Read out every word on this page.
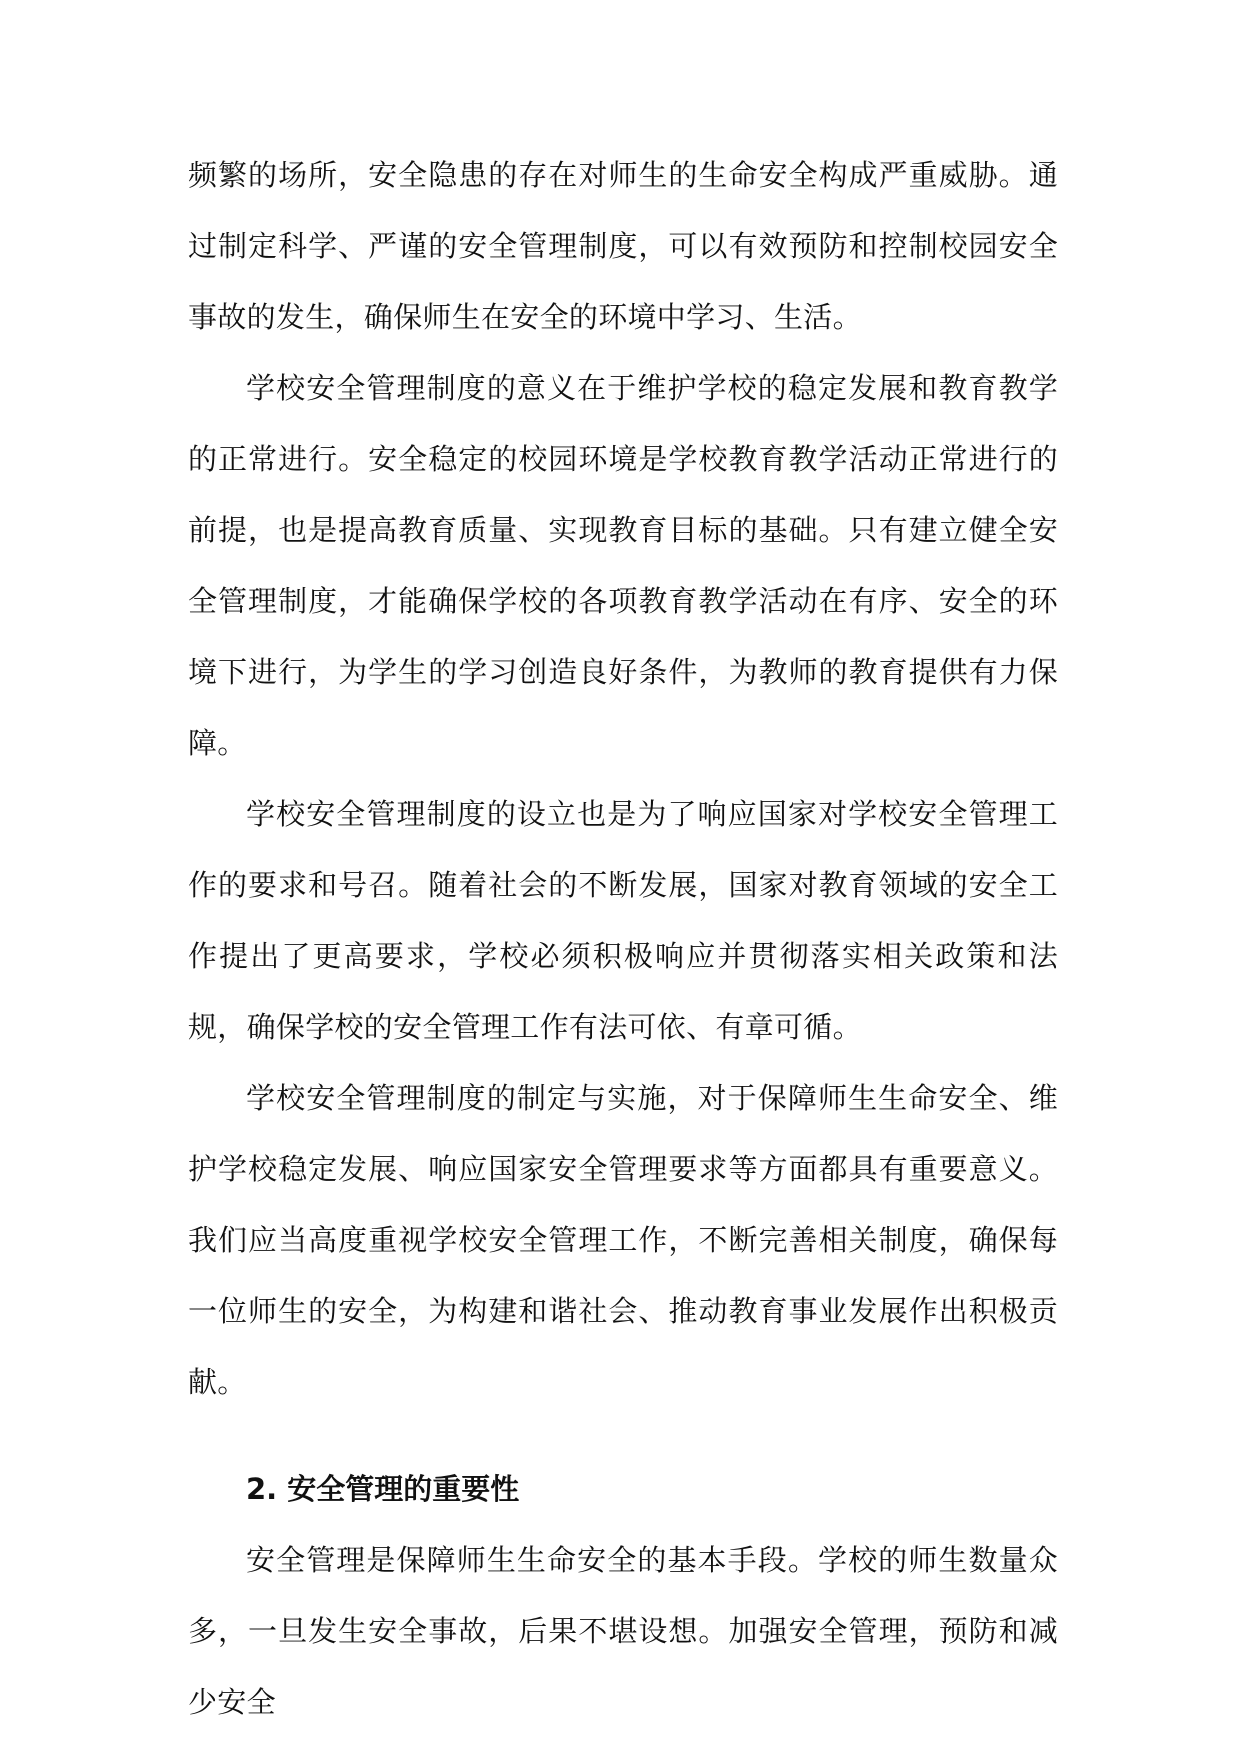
频繁的场所，安全隐患的存在对师生的生命安全构成严重威胁。通过制定科学、严谨的安全管理制度，可以有效预防和控制校园安全事故的发生，确保师生在安全的环境中学习、生活。

学校安全管理制度的意义在于维护学校的稳定发展和教育教学的正常进行。安全稳定的校园环境是学校教育教学活动正常进行的前提，也是提高教育质量、实现教育目标的基础。只有建立健全安全管理制度，才能确保学校的各项教育教学活动在有序、安全的环境下进行，为学生的学习创造良好条件，为教师的教育提供有力保障。

学校安全管理制度的设立也是为了响应国家对学校安全管理工作的要求和号召。随着社会的不断发展，国家对教育领域的安全工作提出了更高要求，学校必须积极响应并贯彻落实相关政策和法规，确保学校的安全管理工作有法可依、有章可循。

学校安全管理制度的制定与实施，对于保障师生生命安全、维护学校稳定发展、响应国家安全管理要求等方面都具有重要意义。我们应当高度重视学校安全管理工作，不断完善相关制度，确保每一位师生的安全，为构建和谐社会、推动教育事业发展作出积极贡献。

2. 安全管理的重要性

安全管理是保障师生生命安全的基本手段。学校的师生数量众多，一旦发生安全事故，后果不堪设想。加强安全管理，预防和减少安全
